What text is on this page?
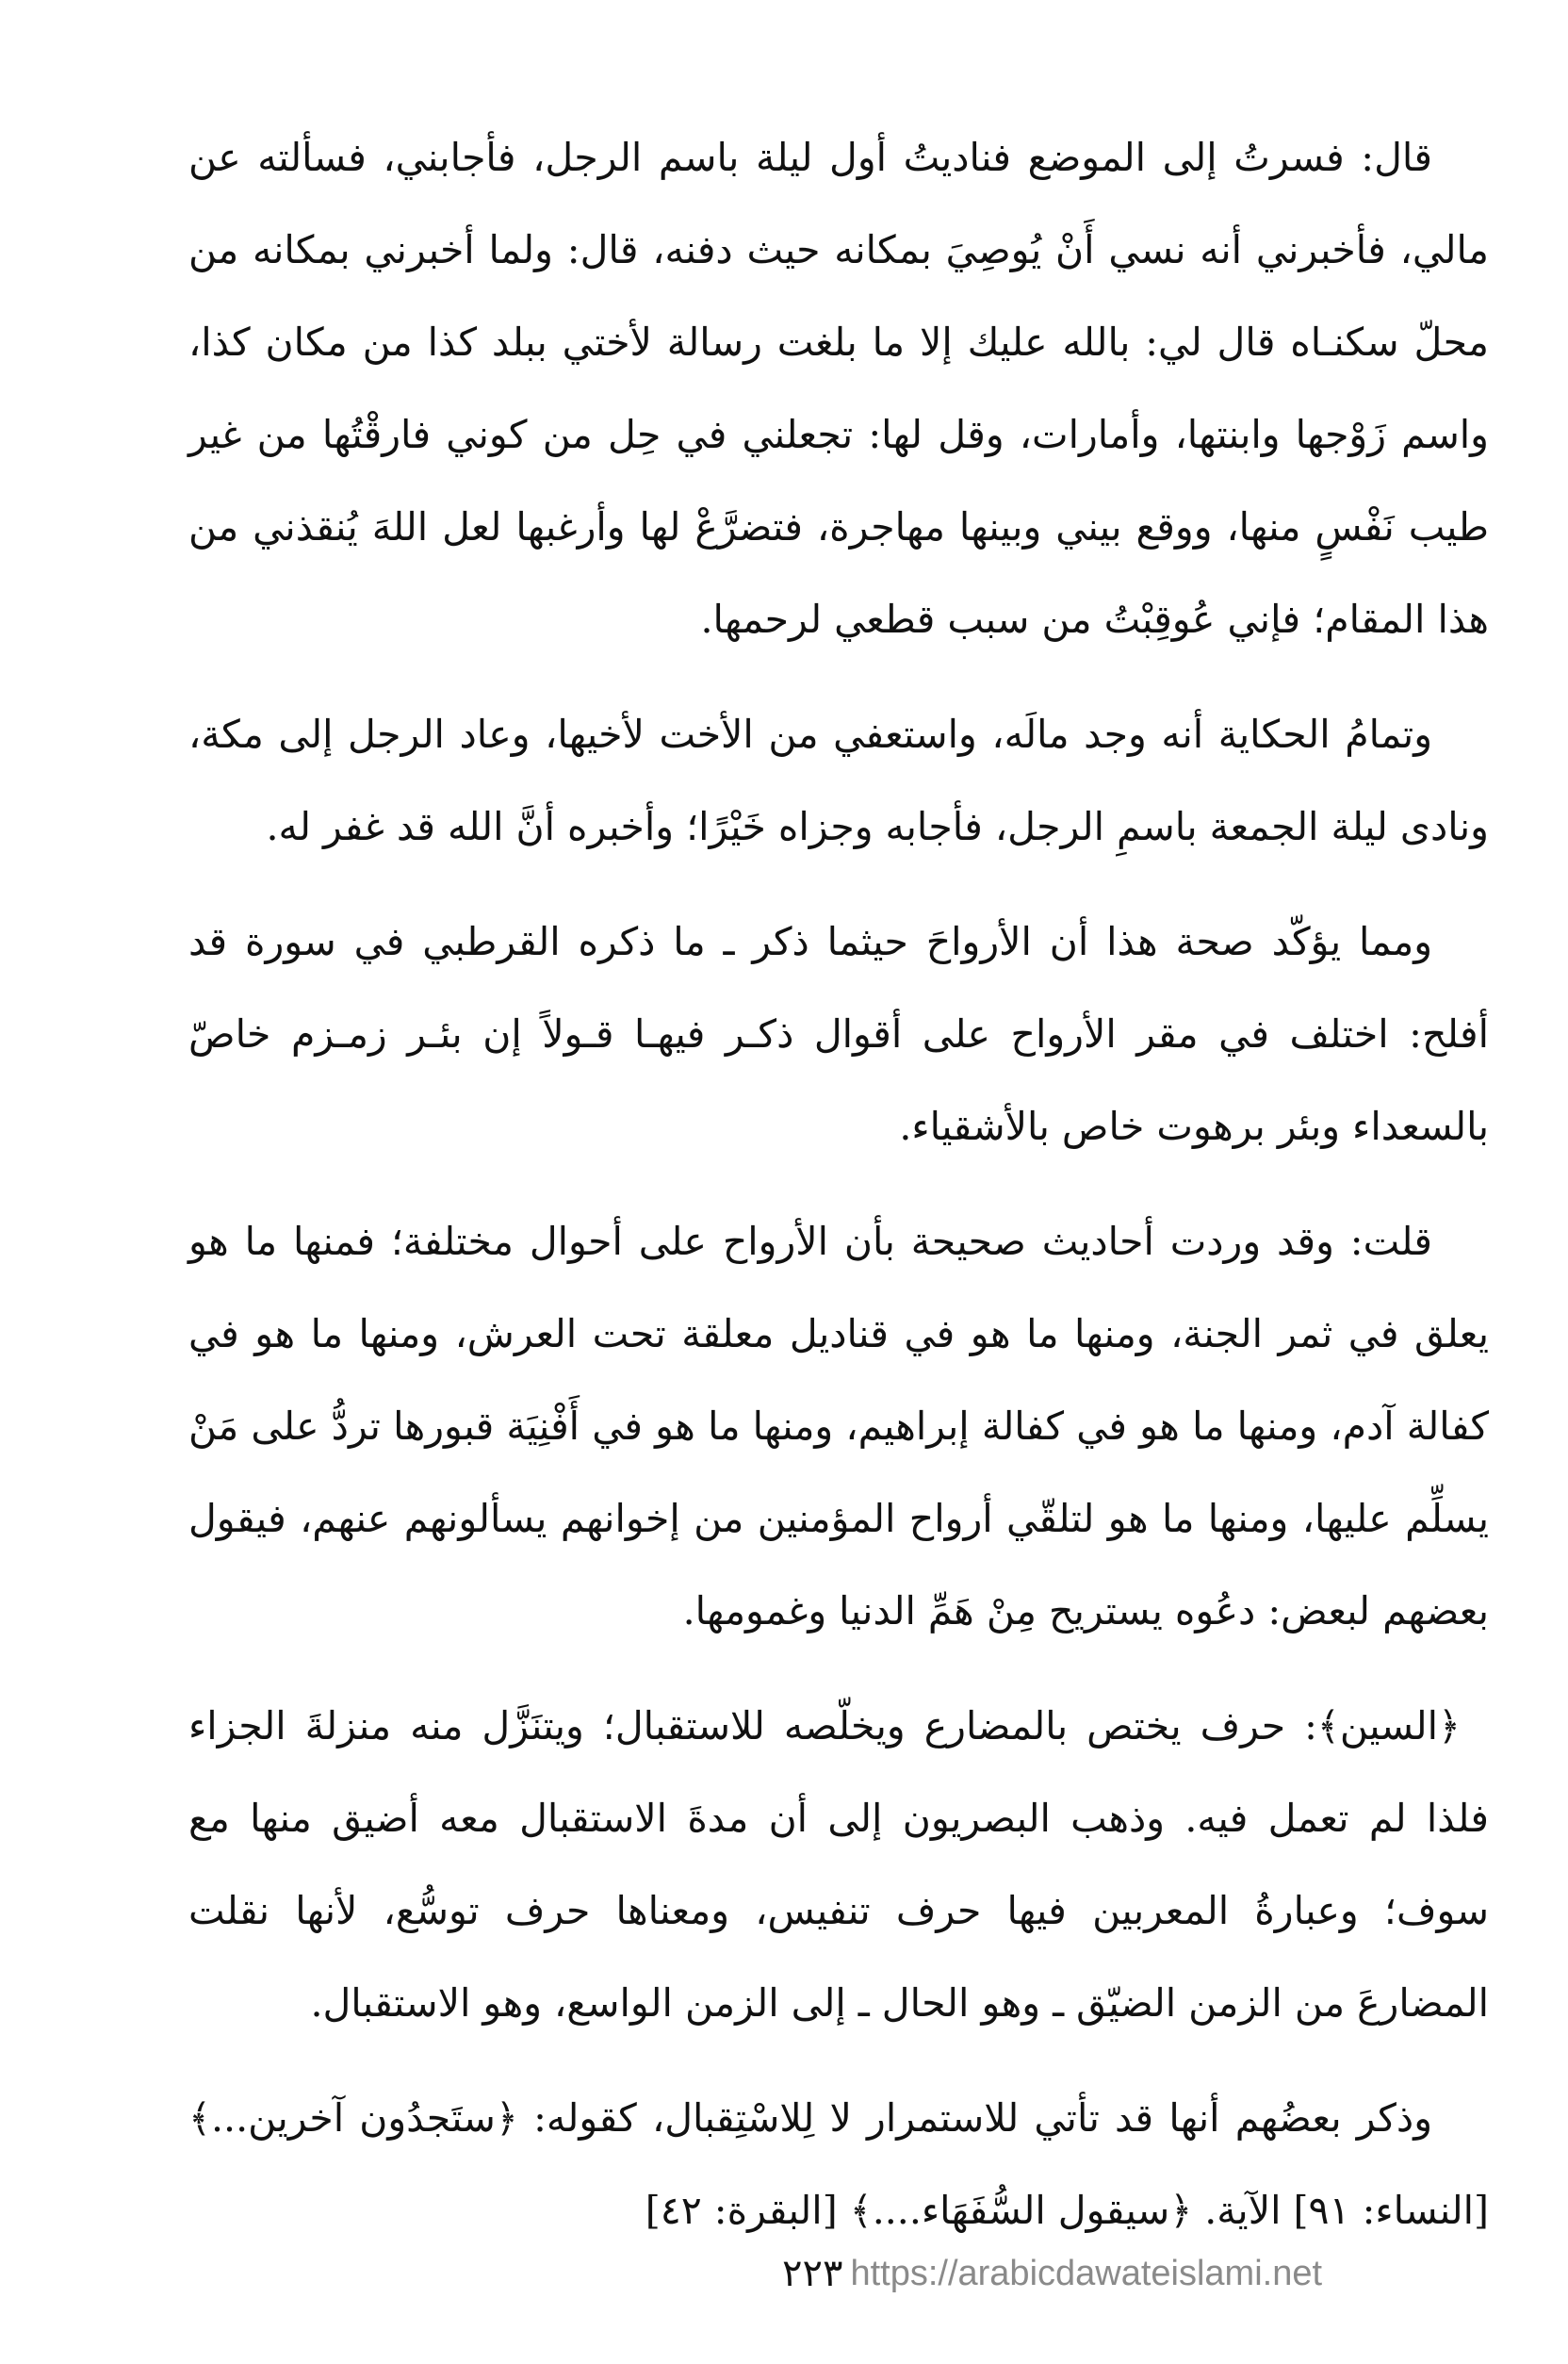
قال: فسرتُ إلى الموضع فناديتُ أول ليلة باسم الرجل، فأجابني، فسألته عن مالي، فأخبرني أنه نسي أَنْ يُوصِيَ بمكانه حيث دفنه، قال: ولما أخبرني بمكانه من محلّ سكنـاه قال لي: بالله عليك إلا ما بلغت رسالة لأختي ببلد كذا من مكان كذا، واسم زَوْجها وابنتها، وأمارات، وقل لها: تجعلني في حِل من كوني فارقْتُها من غير طيب نَفْسٍ منها، ووقع بيني وبينها مهاجرة، فتضرَّعْ لها وأرغبها لعل اللهَ يُنقذني من هذا المقام؛ فإني عُوقِبْتُ من سبب قطعي لرحمها.

وتمامُ الحكاية أنه وجد مالَه، واستعفي من الأخت لأخيها، وعاد الرجل إلى مكة، ونادى ليلة الجمعة باسمِ الرجل، فأجابه وجزاه خَيْرًا؛ وأخبره أنَّ الله قد غفر له.

ومما يؤكّد صحة هذا أن الأرواحَ حيثما ذكر ـ ما ذكره القرطبي في سورة قد أفلح: اختلف في مقر الأرواح على أقوال ذكـر فيهـا قـولاً إن بئـر زمـزم خاصّ بالسعداء وبئر برهوت خاص بالأشقياء.

قلت: وقد وردت أحاديث صحيحة بأن الأرواح على أحوال مختلفة؛ فمنها ما هو يعلق في ثمر الجنة، ومنها ما هو في قناديل معلقة تحت العرش، ومنها ما هو في كفالة آدم، ومنها ما هو في كفالة إبراهيم، ومنها ما هو في أَفْنِيَة قبورها تردُّ على مَنْ يسلِّم عليها، ومنها ما هو لتلقّي أرواح المؤمنين من إخوانهم يسألونهم عنهم، فيقول بعضهم لبعض: دعُوه يستريح مِنْ هَمِّ الدنيا وغمومها.

﴿السين﴾: حرف يختص بالمضارع ويخلّصه للاستقبال؛ ويتنَزَّل منه منزلةَ الجزاء فلذا لم تعمل فيه. وذهب البصريون إلى أن مدةَ الاستقبال معه أضيق منها مع سوف؛ وعبارةُ المعربين فيها حرف تنفيس، ومعناها حرف توسُّع، لأنها نقلت المضارعَ من الزمن الضيّق ـ وهو الحال ـ إلى الزمن الواسع، وهو الاستقبال.

وذكر بعضُهم أنها قد تأتي للاستمرار لا لِلاسْتِقبال، كقوله: ﴿ستَجدُون آخرين...﴾ [النساء: ٩١] الآية. ﴿سيقول السُّفَهَاء....﴾ [البقرة: ٤٢]

٢٢٣ https://arabicdawateislami.net
